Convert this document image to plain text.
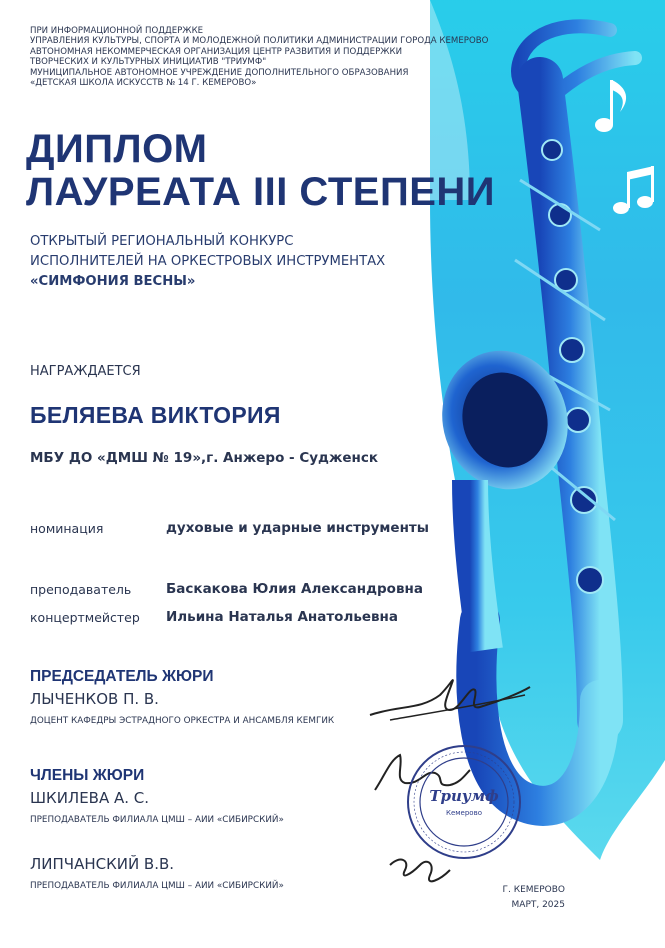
ПРИ ИНФОРМАЦИОННОЙ ПОДДЕРЖКЕ
УПРАВЛЕНИЯ КУЛЬТУРЫ, СПОРТА И МОЛОДЕЖНОЙ ПОЛИТИКИ АДМИНИСТРАЦИИ ГОРОДА КЕМЕРОВО
АВТОНОМНАЯ НЕКОММЕРЧЕСКАЯ ОРГАНИЗАЦИЯ ЦЕНТР РАЗВИТИЯ И ПОДДЕРЖКИ
ТВОРЧЕСКИХ И КУЛЬТУРНЫХ ИНИЦИАТИВ "ТРИУМФ"
МУНИЦИПАЛЬНОЕ АВТОНОМНОЕ УЧРЕЖДЕНИЕ ДОПОЛНИТЕЛЬНОГО ОБРАЗОВАНИЯ
«ДЕТСКАЯ ШКОЛА ИСКУССТВ № 14 Г. КЕМЕРОВО»
ДИПЛОМ
ЛАУРЕАТА III СТЕПЕНИ
ОТКРЫТЫЙ РЕГИОНАЛЬНЫЙ КОНКУРС
ИСПОЛНИТЕЛЕЙ НА ОРКЕСТРОВЫХ ИНСТРУМЕНТАХ
«СИМФОНИЯ ВЕСНЫ»
НАГРАЖДАЕТСЯ
БЕЛЯЕВА ВИКТОРИЯ
МБУ ДО «ДМШ № 19»,г. Анжеро - Судженск
номинация	духовые и ударные инструменты
преподаватель	Баскакова Юлия Александровна
концертмейстер Ильина Наталья Анатольевна
ПРЕДСЕДАТЕЛЬ ЖЮРИ
ЛЫЧЕНКОВ П. В.
ДОЦЕНТ КАФЕДРЫ ЭСТРАДНОГО ОРКЕСТРА И АНСАМБЛЯ КЕМГИК
ЧЛЕНЫ ЖЮРИ
ШКИЛЕВА А. С.
ПРЕПОДАВАТЕЛЬ ФИЛИАЛА ЦМШ – АИИ «СИБИРСКИЙ»
ЛИПЧАНСКИЙ В.В.
ПРЕПОДАВАТЕЛЬ ФИЛИАЛА ЦМШ – АИИ «СИБИРСКИЙ»
Триумф
Кемерово
Г. КЕМЕРОВО
МАРТ, 2025
